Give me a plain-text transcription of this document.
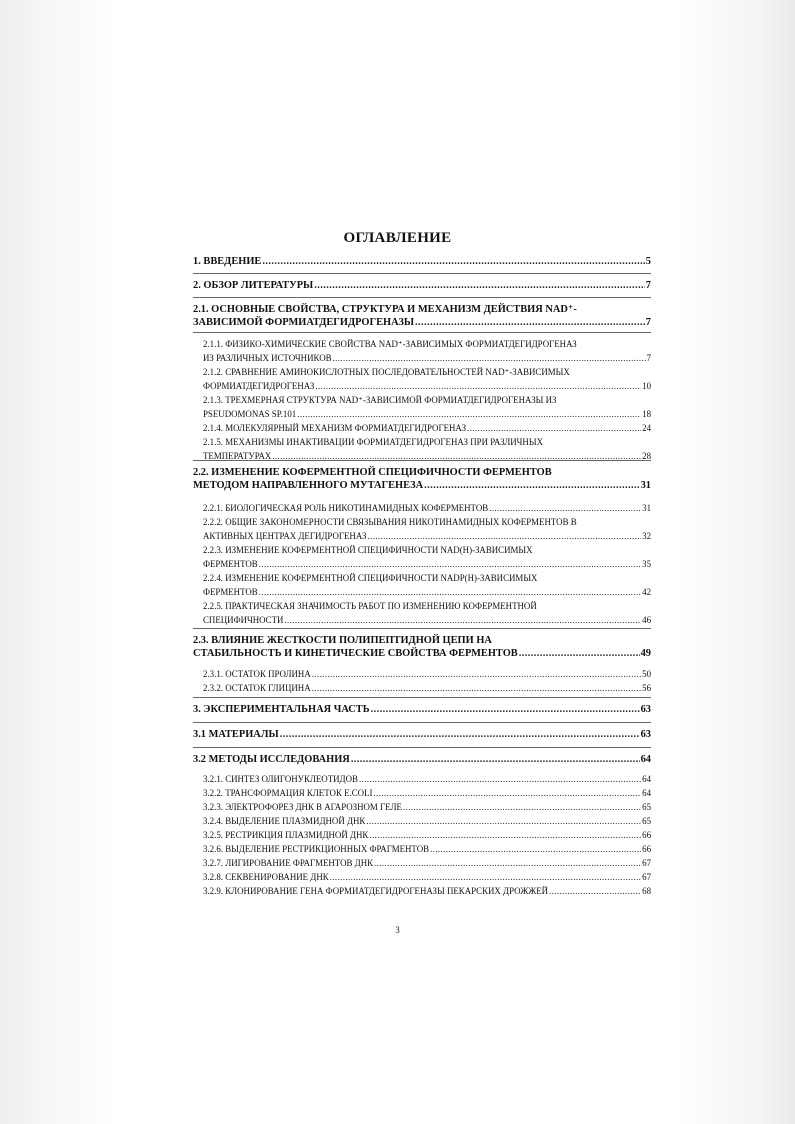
ОГЛАВЛЕНИЕ
1. ВВЕДЕНИЕ .....	5
2. ОБЗОР ЛИТЕРАТУРЫ .....	7
2.1. ОСНОВНЫЕ СВОЙСТВА, СТРУКТУРА И МЕХАНИЗМ ДЕЙСТВИЯ NAD⁺-
ЗАВИСИМОЙ ФОРМИАТДЕГИДРОГЕНАЗЫ .....	7
2.1.1. ФИЗИКО-ХИМИЧЕСКИЕ СВОЙСТВА NAD⁺-ЗАВИСИМЫХ ФОРМИАТДЕГИДРОГЕНАЗ
ИЗ РАЗЛИЧНЫХ ИСТОЧНИКОВ .....	7
2.1.2. СРАВНЕНИЕ АМИНОКИСЛОТНЫХ ПОСЛЕДОВАТЕЛЬНОСТЕЙ NAD⁺-ЗАВИСИМЫХ
ФОРМИАТДЕГИДРОГЕНАЗ .....	10
2.1.3. ТРЕХМЕРНАЯ СТРУКТУРА NAD⁺-ЗАВИСИМОЙ ФОРМИАТДЕГИДРОГЕНАЗЫ ИЗ
PSEUDOMONAS SP.101 .....	18
2.1.4. МОЛЕКУЛЯРНЫЙ МЕХАНИЗМ ФОРМИАТДЕГИДРОГЕНАЗ .....	24
2.1.5. МЕХАНИЗМЫ ИНАКТИВАЦИИ ФОРМИАТДЕГИДРОГЕНАЗ ПРИ РАЗЛИЧНЫХ
ТЕМПЕРАТУРАХ .....	28
2.2. ИЗМЕНЕНИЕ КОФЕРМЕНТНОЙ СПЕЦИФИЧНОСТИ ФЕРМЕНТОВ
МЕТОДОМ НАПРАВЛЕННОГО МУТАГЕНЕЗА .....	31
2.2.1. БИОЛОГИЧЕСКАЯ РОЛЬ НИКОТИНАМИДНЫХ КОФЕРМЕНТОВ .....	31
2.2.2. ОБЩИЕ ЗАКОНОМЕРНОСТИ СВЯЗЫВАНИЯ НИКОТИНАМИДНЫХ КОФЕРМЕНТОВ В
АКТИВНЫХ ЦЕНТРАХ ДЕГИДРОГЕНАЗ .....	32
2.2.3. ИЗМЕНЕНИЕ КОФЕРМЕНТНОЙ СПЕЦИФИЧНОСТИ NAD(H)-ЗАВИСИМЫХ
ФЕРМЕНТОВ .....	35
2.2.4. ИЗМЕНЕНИЕ КОФЕРМЕНТНОЙ СПЕЦИФИЧНОСТИ NADP(H)-ЗАВИСИМЫХ
ФЕРМЕНТОВ .....	42
2.2.5. ПРАКТИЧЕСКАЯ ЗНАЧИМОСТЬ РАБОТ ПО ИЗМЕНЕНИЮ КОФЕРМЕНТНОЙ
СПЕЦИФИЧНОСТИ .....	46
2.3. ВЛИЯНИЕ ЖЕСТКОСТИ ПОЛИПЕПТИДНОЙ ЦЕПИ НА
СТАБИЛЬНОСТЬ И КИНЕТИЧЕСКИЕ СВОЙСТВА ФЕРМЕНТОВ .....	49
2.3.1. ОСТАТОК ПРОЛИНА .....	50
2.3.2. ОСТАТОК ГЛИЦИНА .....	56
3. ЭКСПЕРИМЕНТАЛЬНАЯ ЧАСТЬ .....	63
3.1 МАТЕРИАЛЫ .....	63
3.2 МЕТОДЫ ИССЛЕДОВАНИЯ .....	64
3.2.1. СИНТЕЗ ОЛИГОНУКЛЕОТИДОВ .....	64
3.2.2. ТРАНСФОРМАЦИЯ КЛЕТОК E.COLI .....	64
3.2.3. ЭЛЕКТРОФОРЕЗ ДНК В АГАРОЗНОМ ГЕЛЕ .....	65
3.2.4. ВЫДЕЛЕНИЕ ПЛАЗМИДНОЙ ДНК .....	65
3.2.5. РЕСТРИКЦИЯ ПЛАЗМИДНОЙ ДНК .....	66
3.2.6. ВЫДЕЛЕНИЕ РЕСТРИКЦИОННЫХ ФРАГМЕНТОВ .....	66
3.2.7. ЛИГИРОВАНИЕ ФРАГМЕНТОВ ДНК .....	67
3.2.8. СЕКВЕНИРОВАНИЕ ДНК .....	67
3.2.9. КЛОНИРОВАНИЕ ГЕНА ФОРМИАТДЕГИДРОГЕНАЗЫ ПЕКАРСКИХ ДРОЖЖЕЙ .....	68
3
